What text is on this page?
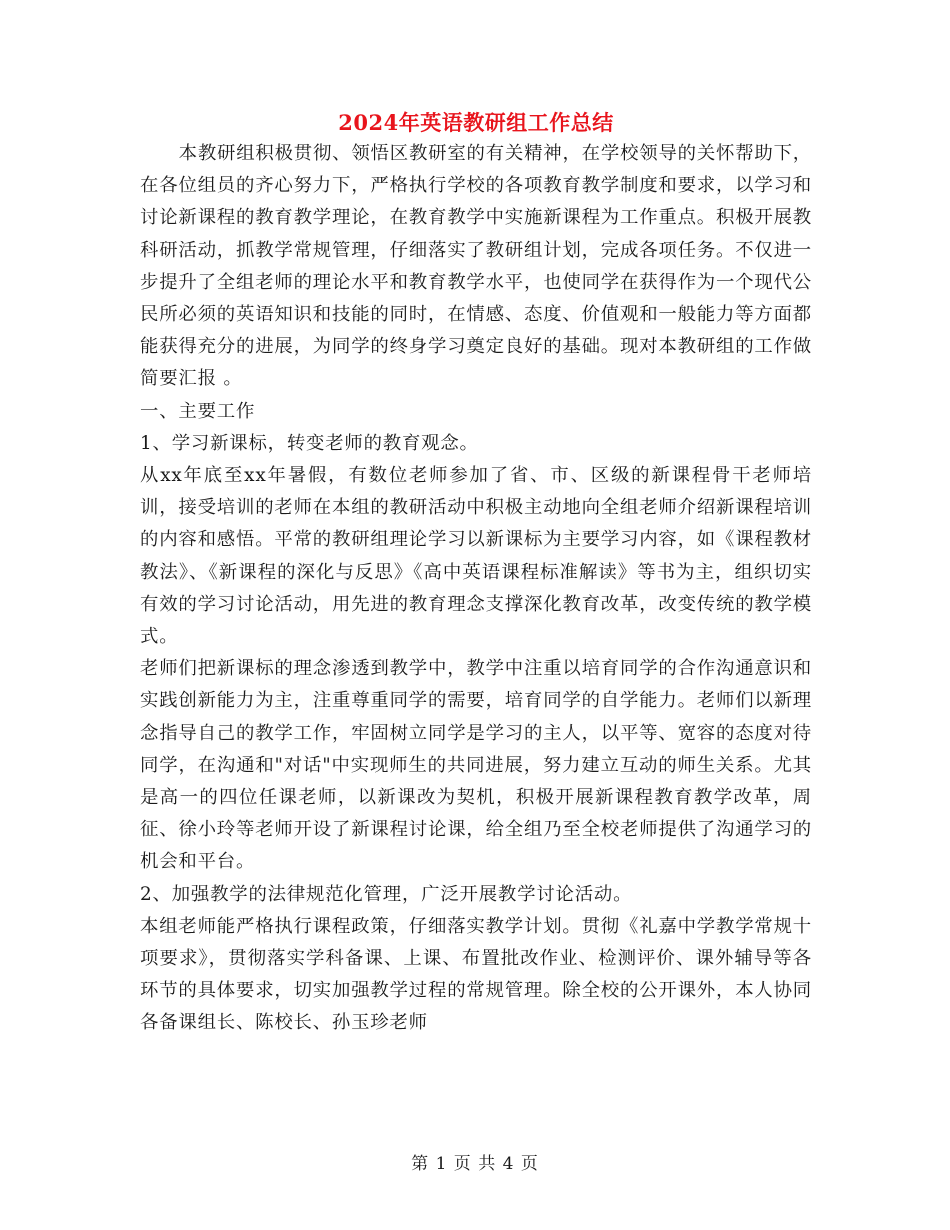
2024年英语教研组工作总结

本教研组积极贯彻、领悟区教研室的有关精神，在学校领导的关怀帮助下，在各位组员的齐心努力下，严格执行学校的各项教育教学制度和要求，以学习和讨论新课程的教育教学理论，在教育教学中实施新课程为工作重点。积极开展教科研活动，抓教学常规管理，仔细落实了教研组计划，完成各项任务。不仅进一步提升了全组老师的理论水平和教育教学水平，也使同学在获得作为一个现代公民所必须的英语知识和技能的同时，在情感、态度、价值观和一般能力等方面都能获得充分的进展，为同学的终身学习奠定良好的基础。现对本教研组的工作做简要汇报 。

一、主要工作

1、学习新课标，转变老师的教育观念。

从xx年底至xx年暑假，有数位老师参加了省、市、区级的新课程骨干老师培训，接受培训的老师在本组的教研活动中积极主动地向全组老师介绍新课程培训的内容和感悟。平常的教研组理论学习以新课标为主要学习内容，如《课程教材教法》、《新课程的深化与反思》《高中英语课程标准解读》等书为主，组织切实有效的学习讨论活动，用先进的教育理念支撑深化教育改革，改变传统的教学模式。

老师们把新课标的理念渗透到教学中，教学中注重以培育同学的合作沟通意识和实践创新能力为主，注重尊重同学的需要，培育同学的自学能力。老师们以新理念指导自己的教学工作，牢固树立同学是学习的主人，以平等、宽容的态度对待同学，在沟通和"对话"中实现师生的共同进展，努力建立互动的师生关系。尤其是高一的四位任课老师，以新课改为契机，积极开展新课程教育教学改革，周征、徐小玲等老师开设了新课程讨论课，给全组乃至全校老师提供了沟通学习的机会和平台。

2、加强教学的法律规范化管理，广泛开展教学讨论活动。

本组老师能严格执行课程政策，仔细落实教学计划。贯彻《礼嘉中学教学常规十项要求》，贯彻落实学科备课、上课、布置批改作业、检测评价、课外辅导等各环节的具体要求，切实加强教学过程的常规管理。除全校的公开课外，本人协同各备课组长、陈校长、孙玉珍老师

第 1 页 共 4 页
